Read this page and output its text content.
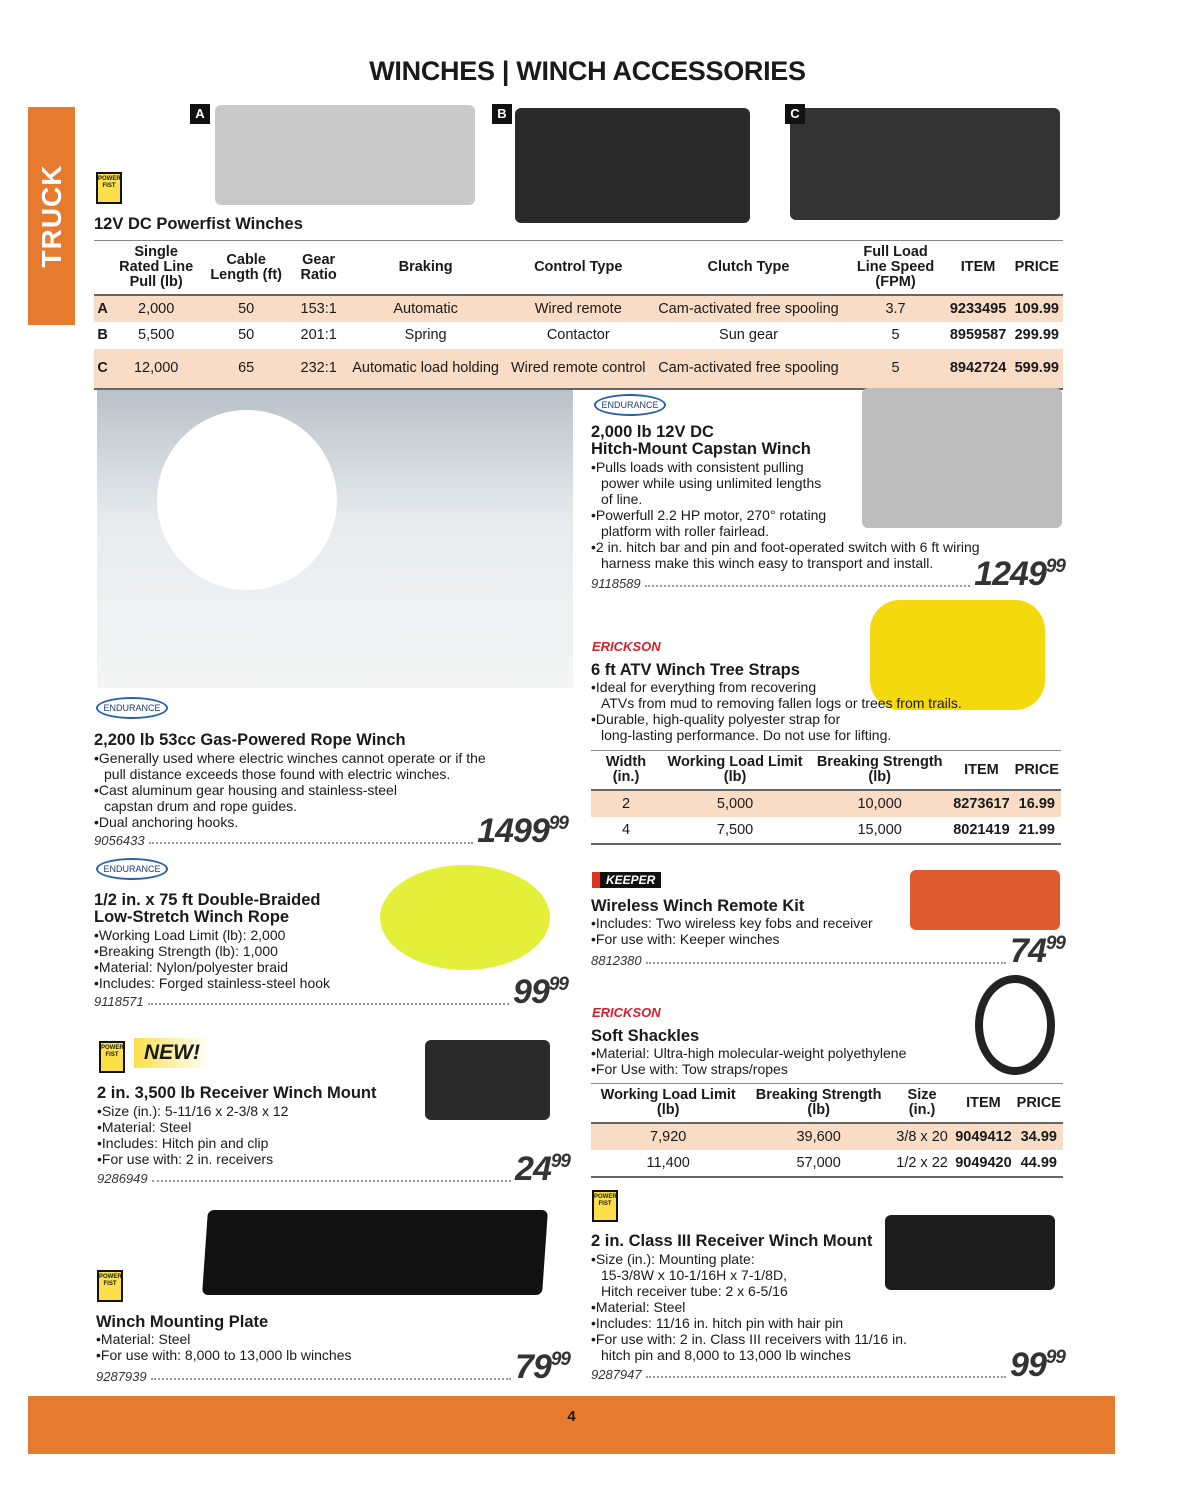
WINCHES | WINCH ACCESSORIES
TRUCK
A	B	C
POWER FIST
12V DC Powerfist Winches
	Single Rated Line Pull (lb)	Cable Length (ft)	Gear Ratio	Braking	Control Type	Clutch Type	Full Load Line Speed (FPM)	ITEM	PRICE
A	2,000	50	153:1	Automatic	Wired remote	Cam-activated free spooling	3.7	9233495	109.99
B	5,500	50	201:1	Spring	Contactor	Sun gear	5	8959587	299.99
C	12,000	65	232:1	Automatic load holding	Wired remote control	Cam-activated free spooling	5	8942724	599.99
ENDURANCE
2,200 lb 53cc Gas-Powered Rope Winch
• Generally used where electric winches cannot operate or if the
pull distance exceeds those found with electric winches.
• Cast aluminum gear housing and stainless-steel
capstan drum and rope guides.
• Dual anchoring hooks.
9056433	1499$^{99}$
ENDURANCE
1/2 in. x 75 ft Double-Braided
Low-Stretch Winch Rope
• Working Load Limit (lb): 2,000
• Breaking Strength (lb): 1,000
• Material: Nylon/polyester braid
• Includes: Forged stainless-steel hook
9118571	$99^{99}$
POWER FIST	NEW!
2 in. 3,500 lb Receiver Winch Mount
• Size (in.): 5-11/16 x 2-3/8 x 12
• Material: Steel
• Includes: Hitch pin and clip
• For use with: 2 in. receivers
9286949	$24^{99}$
POWER FIST
Winch Mounting Plate
• Material: Steel
• For use with: 8,000 to 13,000 lb winches
9287939	$79^{99}$
ENDURANCE
2,000 lb 12V DC
Hitch-Mount Capstan Winch
• Pulls loads with consistent pulling
power while using unlimited lengths
of line.
• Powerfull 2.2 HP motor, 270° rotating
platform with roller fairlead.
• 2 in. hitch bar and pin and foot-operated switch with 6 ft wiring
harness make this winch easy to transport and install.
9118589	1249$^{99}$
ERICKSON
6 ft ATV Winch Tree Straps
• Ideal for everything from recovering
ATVs from mud to removing fallen logs or trees from trails.
• Durable, high-quality polyester strap for
long-lasting performance. Do not use for lifting.
Width (in.)	Working Load Limit (lb)	Breaking Strength (lb)	ITEM	PRICE
2	5,000	10,000	8273617	16.99
4	7,500	15,000	8021419	21.99
KEEPER
Wireless Winch Remote Kit
• Includes: Two wireless key fobs and receiver
• For use with: Keeper winches
8812380	$74^{99}$
ERICKSON
Soft Shackles
• Material: Ultra-high molecular-weight polyethylene
• For Use with: Tow straps/ropes
Working Load Limit (lb)	Breaking Strength (lb)	Size (in.)	ITEM	PRICE
7,920	39,600	3/8 x 20	9049412	34.99
11,400	57,000	1/2 x 22	9049420	44.99
POWER FIST
2 in. Class III Receiver Winch Mount
• Size (in.): Mounting plate:
15-3/8W x 10-1/16H x 7-1/8D,
Hitch receiver tube: 2 x 6-5/16
• Material: Steel
• Includes: 11/16 in. hitch pin with hair pin
• For use with: 2 in. Class III receivers with 11/16 in.
hitch pin and 8,000 to 13,000 lb winches
9287947	$99^{99}$
4
